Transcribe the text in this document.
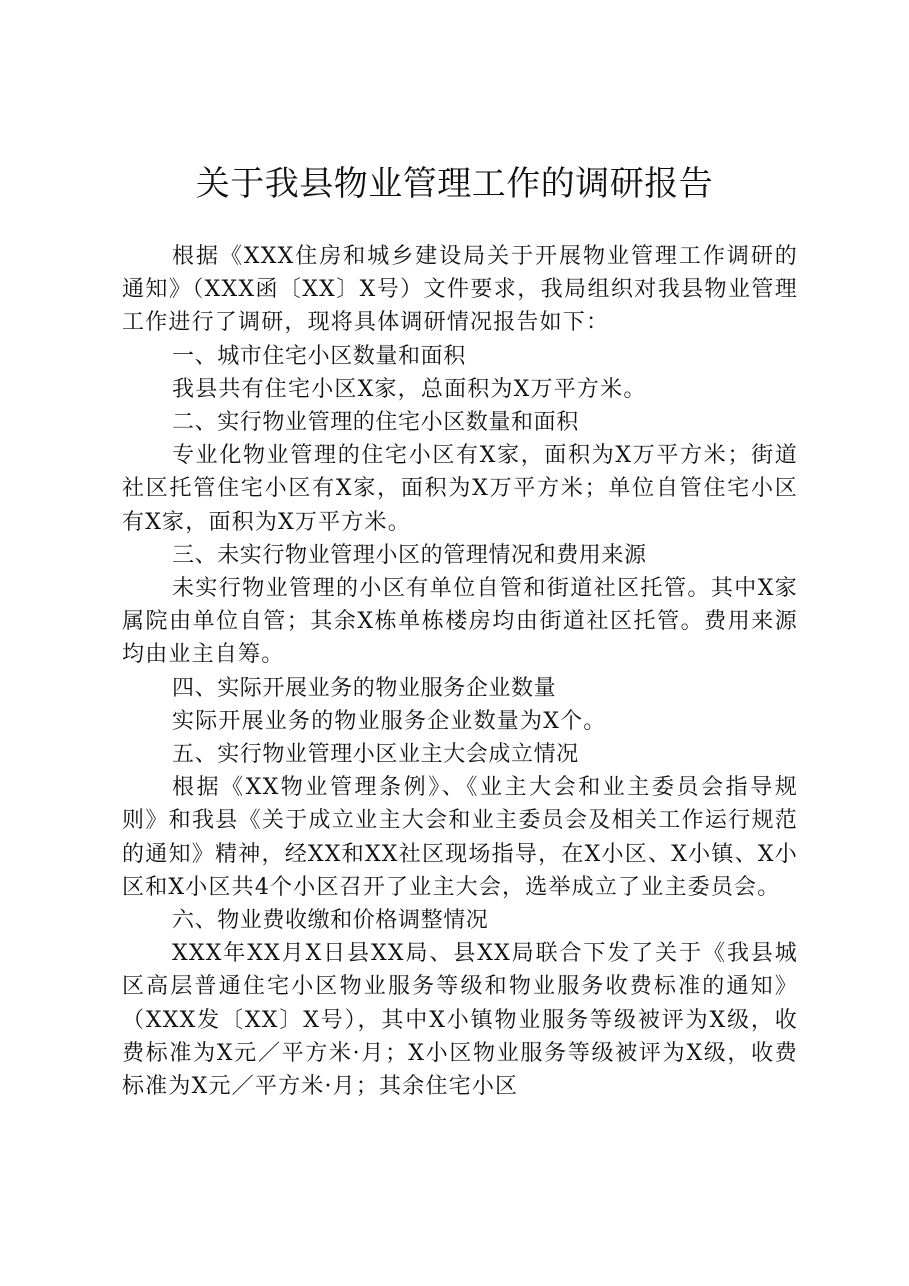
关于我县物业管理工作的调研报告

根据《XXX住房和城乡建设局关于开展物业管理工作调研的通知》（XXX函〔XX〕X号）文件要求，我局组织对我县物业管理工作进行了调研，现将具体调研情况报告如下：

一、城市住宅小区数量和面积

我县共有住宅小区X家，总面积为X万平方米。

二、实行物业管理的住宅小区数量和面积

专业化物业管理的住宅小区有X家，面积为X万平方米；街道社区托管住宅小区有X家，面积为X万平方米；单位自管住宅小区有X家，面积为X万平方米。

三、未实行物业管理小区的管理情况和费用来源

未实行物业管理的小区有单位自管和街道社区托管。其中X家属院由单位自管；其余X栋单栋楼房均由街道社区托管。费用来源均由业主自筹。

四、实际开展业务的物业服务企业数量

实际开展业务的物业服务企业数量为X个。

五、实行物业管理小区业主大会成立情况

根据《XX物业管理条例》、《业主大会和业主委员会指导规则》和我县《关于成立业主大会和业主委员会及相关工作运行规范的通知》精神，经XX和XX社区现场指导，在X小区、X小镇、X小区和X小区共4个小区召开了业主大会，选举成立了业主委员会。

六、物业费收缴和价格调整情况

XXX年XX月X日县XX局、县XX局联合下发了关于《我县城区高层普通住宅小区物业服务等级和物业服务收费标准的通知》（XXX发〔XX〕X号），其中X小镇物业服务等级被评为X级，收费标准为X元／平方米·月；X小区物业服务等级被评为X级，收费标准为X元／平方米·月；其余住宅小区
